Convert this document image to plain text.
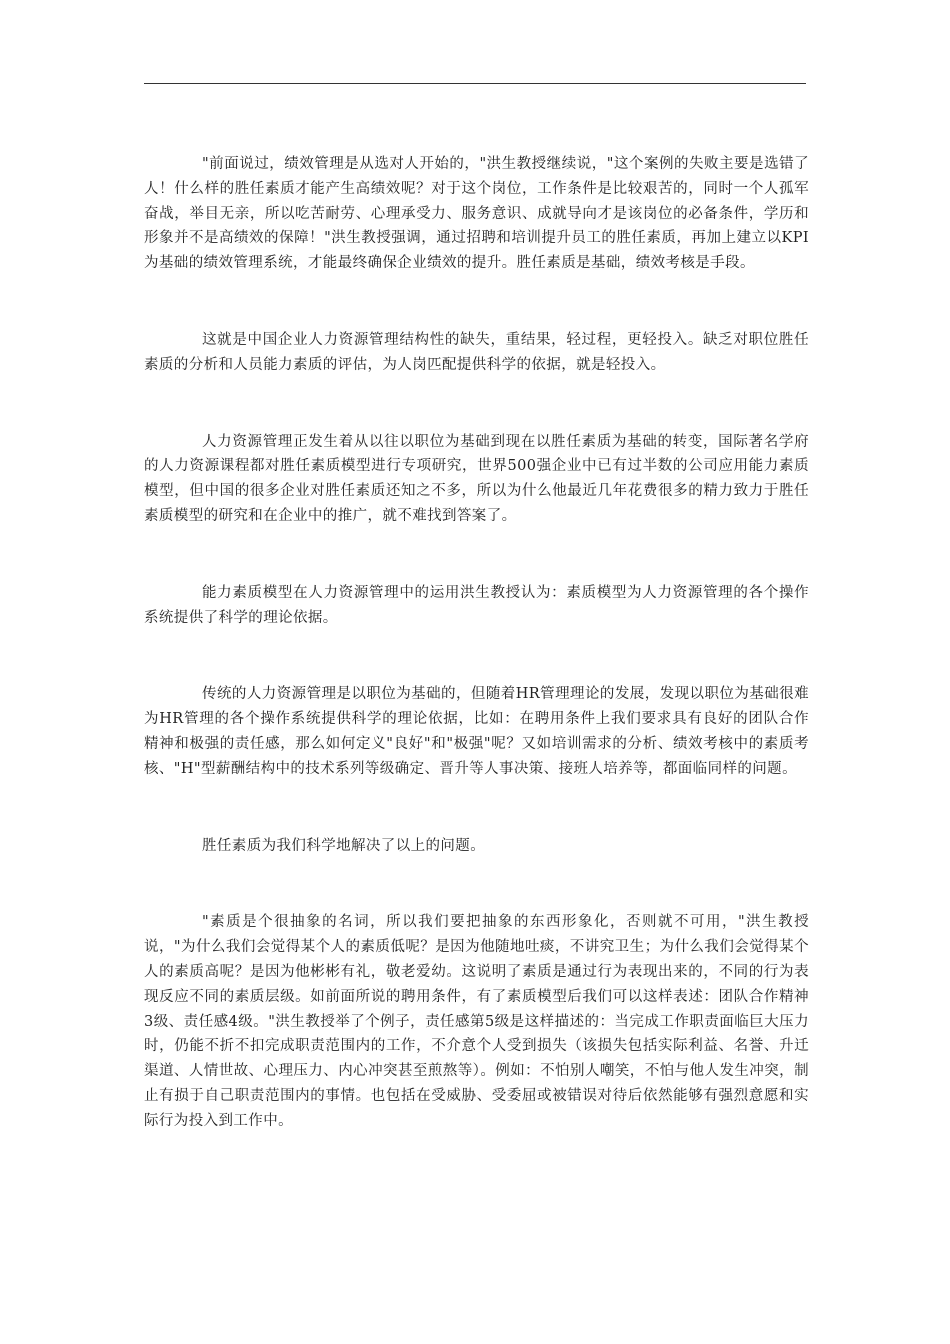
"前面说过，绩效管理是从选对人开始的，"洪生教授继续说，"这个案例的失败主要是选错了人！什么样的胜任素质才能产生高绩效呢？对于这个岗位，工作条件是比较艰苦的，同时一个人孤军奋战，举目无亲，所以吃苦耐劳、心理承受力、服务意识、成就导向才是该岗位的必备条件，学历和形象并不是高绩效的保障！"洪生教授强调，通过招聘和培训提升员工的胜任素质，再加上建立以KPI为基础的绩效管理系统，才能最终确保企业绩效的提升。胜任素质是基础，绩效考核是手段。

这就是中国企业人力资源管理结构性的缺失，重结果，轻过程，更轻投入。缺乏对职位胜任素质的分析和人员能力素质的评估，为人岗匹配提供科学的依据，就是轻投入。

人力资源管理正发生着从以往以职位为基础到现在以胜任素质为基础的转变，国际著名学府的人力资源课程都对胜任素质模型进行专项研究，世界500强企业中已有过半数的公司应用能力素质模型，但中国的很多企业对胜任素质还知之不多，所以为什么他最近几年花费很多的精力致力于胜任素质模型的研究和在企业中的推广，就不难找到答案了。

能力素质模型在人力资源管理中的运用洪生教授认为：素质模型为人力资源管理的各个操作系统提供了科学的理论依据。

传统的人力资源管理是以职位为基础的，但随着HR管理理论的发展，发现以职位为基础很难为HR管理的各个操作系统提供科学的理论依据，比如：在聘用条件上我们要求具有良好的团队合作精神和极强的责任感，那么如何定义"良好"和"极强"呢？又如培训需求的分析、绩效考核中的素质考核、"H"型薪酬结构中的技术系列等级确定、晋升等人事决策、接班人培养等，都面临同样的问题。

胜任素质为我们科学地解决了以上的问题。

"素质是个很抽象的名词，所以我们要把抽象的东西形象化，否则就不可用，"洪生教授说，"为什么我们会觉得某个人的素质低呢？是因为他随地吐痰，不讲究卫生；为什么我们会觉得某个人的素质高呢？是因为他彬彬有礼，敬老爱幼。这说明了素质是通过行为表现出来的，不同的行为表现反应不同的素质层级。如前面所说的聘用条件，有了素质模型后我们可以这样表述：团队合作精神3级、责任感4级。"洪生教授举了个例子，责任感第5级是这样描述的：当完成工作职责面临巨大压力时，仍能不折不扣完成职责范围内的工作，不介意个人受到损失（该损失包括实际利益、名誉、升迁渠道、人情世故、心理压力、内心冲突甚至煎熬等）。例如：不怕别人嘲笑，不怕与他人发生冲突，制止有损于自己职责范围内的事情。也包括在受威胁、受委屈或被错误对待后依然能够有强烈意愿和实际行为投入到工作中。
